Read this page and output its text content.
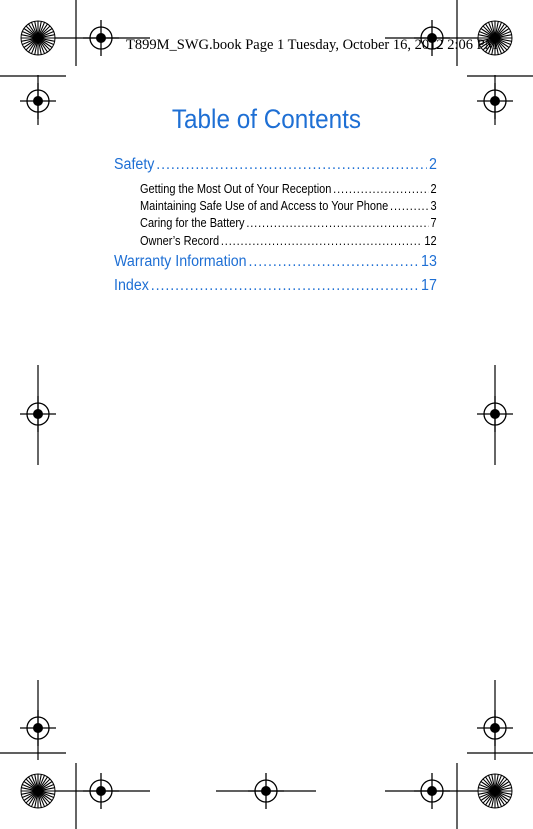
T899M_SWG.book Page 1 Tuesday, October 16, 2012 2:06 PM
Table of Contents
Safety .....	2
Getting the Most Out of Your Reception .....	2
Maintaining Safe Use of and Access to Your Phone .....	3
Caring for the Battery .....	7
Owner’s Record .....	12
Warranty Information .....	13
Index .....	17
